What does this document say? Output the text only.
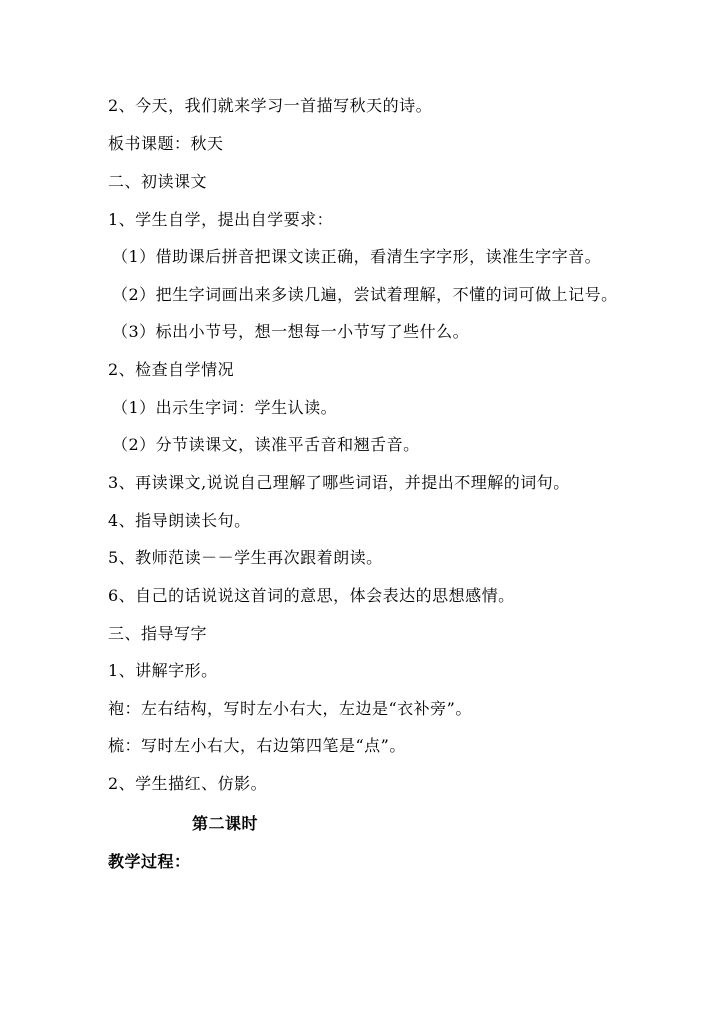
2、今天，我们就来学习一首描写秋天的诗。
板书课题：秋天
二、初读课文
1、学生自学，提出自学要求：
（1）借助课后拼音把课文读正确，看清生字字形，读准生字字音。
（2）把生字词画出来多读几遍，尝试着理解，不懂的词可做上记号。
（3）标出小节号，想一想每一小节写了些什么。
2、检查自学情况
（1）出示生字词：学生认读。
（2）分节读课文，读准平舌音和翘舌音。
3、再读课文,说说自己理解了哪些词语，并提出不理解的词句。
4、指导朗读长句。
5、教师范读－－学生再次跟着朗读。
6、自己的话说说这首词的意思，体会表达的思想感情。
三、指导写字
1、讲解字形。
袍：左右结构，写时左小右大，左边是“衣补旁”。
梳：写时左小右大，右边第四笔是“点”。
2、学生描红、仿影。
第二课时
教学过程：
